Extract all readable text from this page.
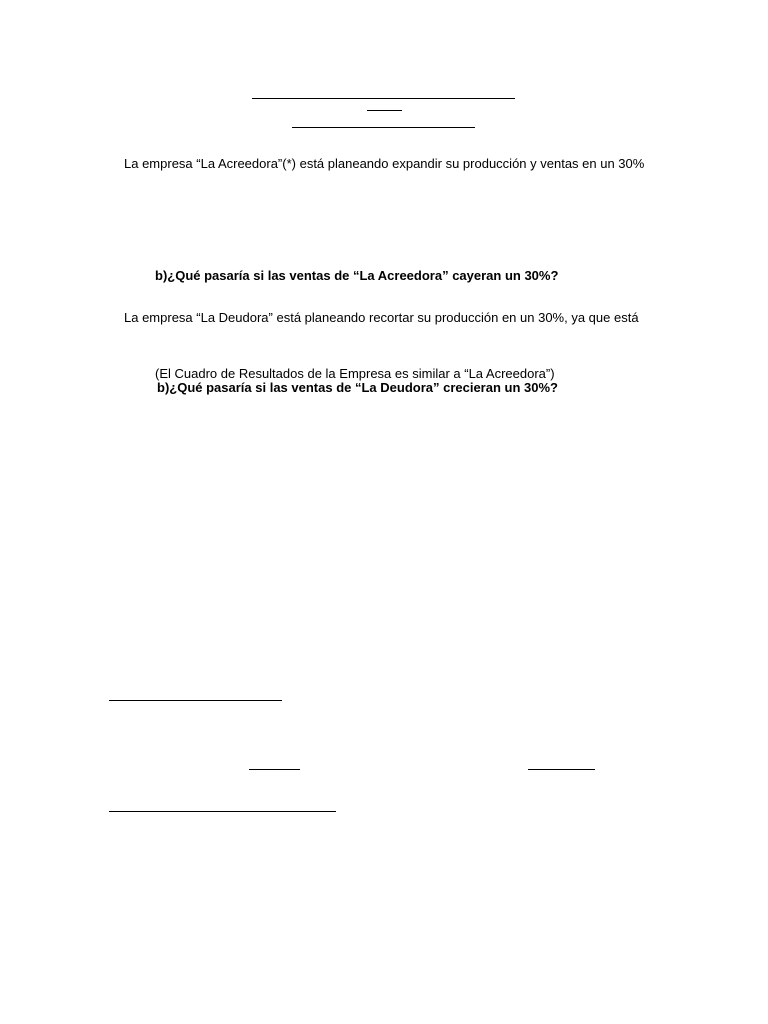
La empresa “La Acreedora”(*) está planeando expandir su producción y ventas en un 30%
b)¿Qué pasaría si las ventas de “La Acreedora” cayeran un 30%?
La empresa “La Deudora” está planeando recortar su producción en un 30%, ya que está
(El Cuadro de Resultados de la Empresa es similar a “La Acreedora”)
b)¿Qué pasaría si las ventas de “La Deudora” crecieran un 30%?
